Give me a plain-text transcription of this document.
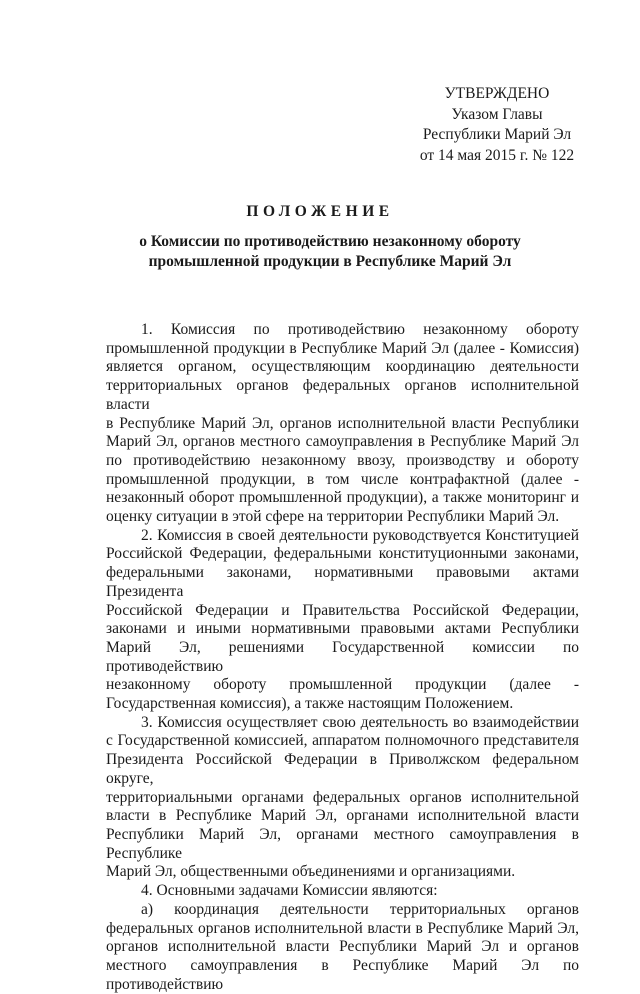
УТВЕРЖДЕНО
Указом Главы
Республики Марий Эл
от 14 мая 2015 г. № 122
ПОЛОЖЕНИЕ
о Комиссии по противодействию незаконному обороту
промышленной продукции в Республике Марий Эл
1. Комиссия по противодействию незаконному обороту
промышленной продукции в Республике Марий Эл (далее - Комиссия)
является органом, осуществляющим координацию деятельности
территориальных органов федеральных органов исполнительной власти
в Республике Марий Эл, органов исполнительной власти Республики
Марий Эл, органов местного самоуправления в Республике Марий Эл
по противодействию незаконному ввозу, производству и обороту
промышленной продукции, в том числе контрафактной (далее -
незаконный оборот промышленной продукции), а также мониторинг и
оценку ситуации в этой сфере на территории Республики Марий Эл.
2. Комиссия в своей деятельности руководствуется Конституцией
Российской Федерации, федеральными конституционными законами,
федеральными законами, нормативными правовыми актами Президента
Российской Федерации и Правительства Российской Федерации,
законами и иными нормативными правовыми актами Республики
Марий Эл, решениями Государственной комиссии по противодействию
незаконному обороту промышленной продукции (далее -
Государственная комиссия), а также настоящим Положением.
3. Комиссия осуществляет свою деятельность во взаимодействии
с Государственной комиссией, аппаратом полномочного представителя
Президента Российской Федерации в Приволжском федеральном округе,
территориальными органами федеральных органов исполнительной
власти в Республике Марий Эл, органами исполнительной власти
Республики Марий Эл, органами местного самоуправления в Республике
Марий Эл, общественными объединениями и организациями.
4. Основными задачами Комиссии являются:
а) координация деятельности территориальных органов
федеральных органов исполнительной власти в Республике Марий Эл,
органов исполнительной власти Республики Марий Эл и органов
местного самоуправления в Республике Марий Эл по противодействию
